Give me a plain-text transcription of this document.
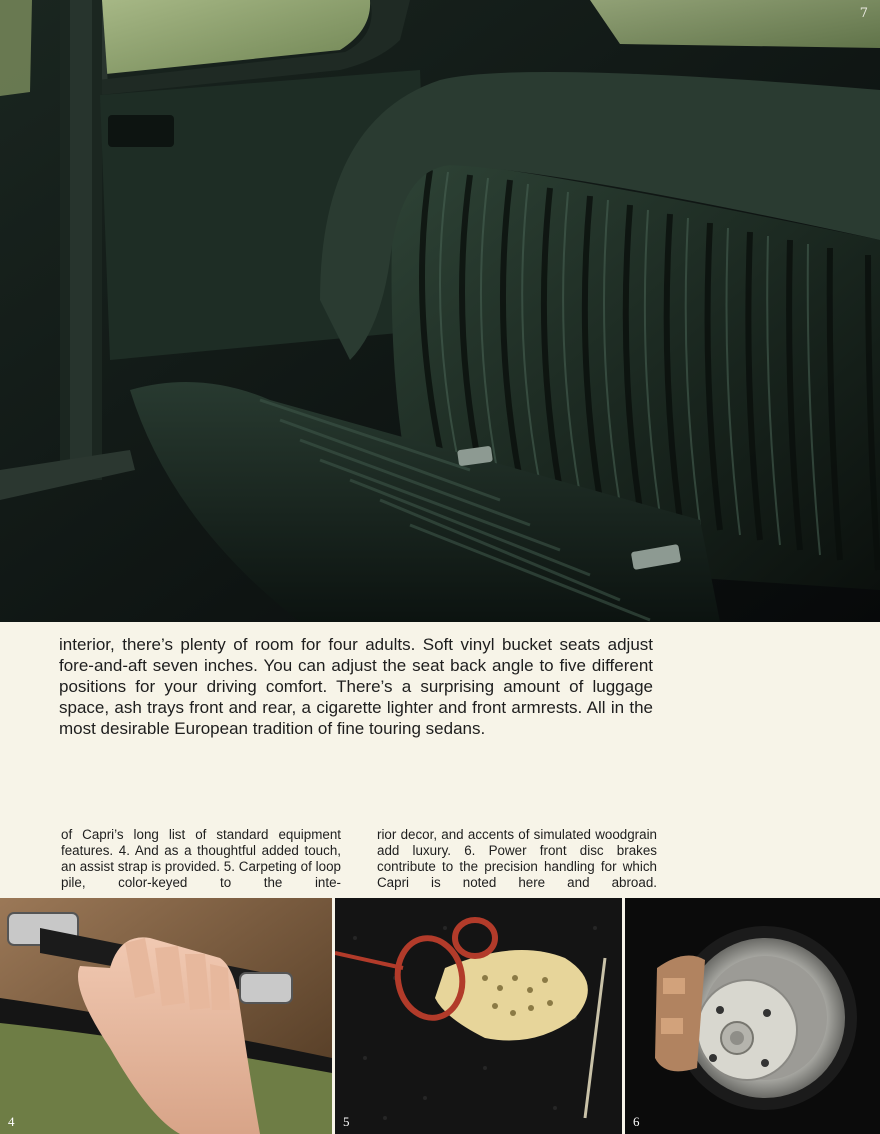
7

interior, there’s plenty of room for four adults. Soft vinyl bucket seats adjust fore-and-aft seven inches. You can adjust the seat back angle to five different positions for your driving comfort. There’s a surprising amount of luggage space, ash trays front and rear, a cigarette lighter and front armrests. All in the most desirable European tradition of fine touring sedans.

of Capri’s long list of standard equipment features. 4. And as a thoughtful added touch, an assist strap is provided. 5. Carpeting of loop pile, color-keyed to the inte-

rior decor, and accents of simulated woodgrain add luxury. 6. Power front disc brakes contribute to the precision handling for which Capri is noted here and abroad.

4	5	6
